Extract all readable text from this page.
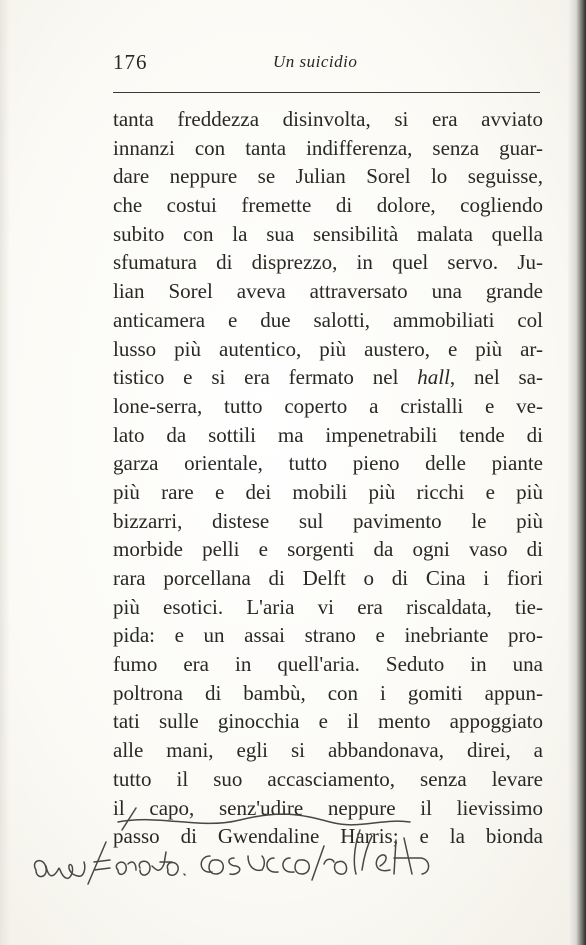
176	Un suicidio
tanta freddezza disinvolta, si era avviato
innanzi con tanta indifferenza, senza guar-
dare neppure se Julian Sorel lo seguisse,
che costui fremette di dolore, cogliendo
subito con la sua sensibilità malata quella
sfumatura di disprezzo, in quel servo. Ju-
lian Sorel aveva attraversato una grande
anticamera e due salotti, ammobiliati col
lusso più autentico, più austero, e più ar-
tistico e si era fermato nel hall, nel sa-
lone-serra, tutto coperto a cristalli e ve-
lato da sottili ma impenetrabili tende di
garza orientale, tutto pieno delle piante
più rare e dei mobili più ricchi e più
bizzarri, distese sul pavimento le più
morbide pelli e sorgenti da ogni vaso di
rara porcellana di Delft o di Cina i fiori
più esotici. L'aria vi era riscaldata, tie-
pida: e un assai strano e inebriante pro-
fumo era in quell'aria. Seduto in una
poltrona di bambù, con i gomiti appun-
tati sulle ginocchia e il mento appoggiato
alle mani, egli si abbandonava, direi, a
tutto il suo accasciamento, senza levare
il capo, senz'udire neppure il lievissimo
passo di Gwendaline Harris; e la bionda
